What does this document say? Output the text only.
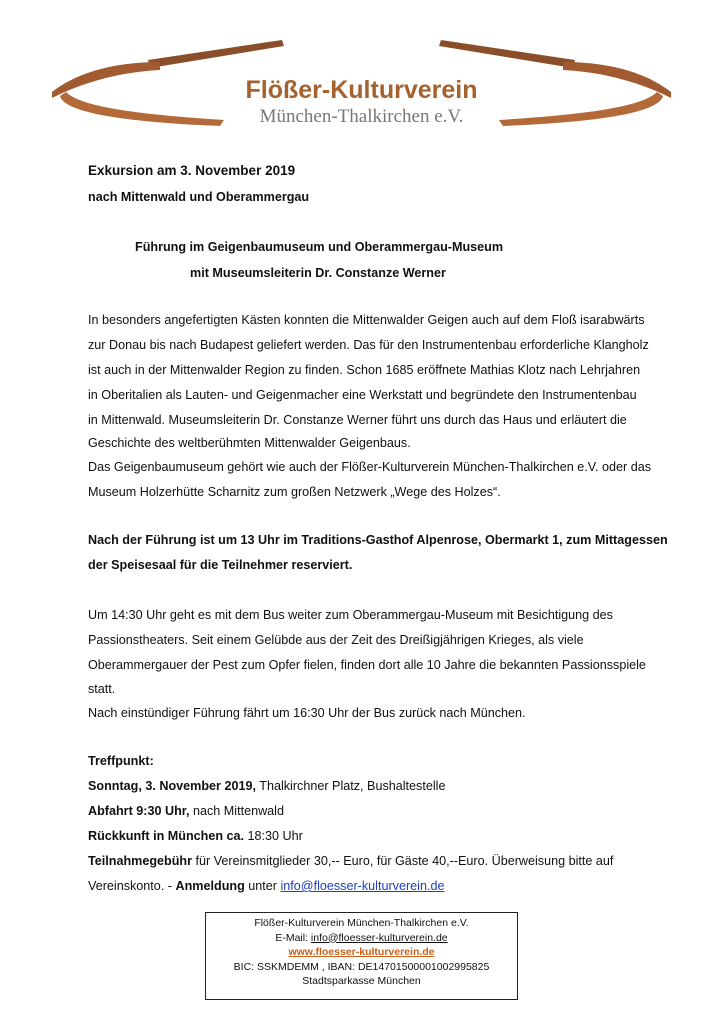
Flößer-Kulturverein
München-Thalkirchen e.V.
Exkursion am 3. November 2019
nach Mittenwald und Oberammergau
Führung im Geigenbaumuseum und Oberammergau-Museum
mit Museumsleiterin Dr. Constanze Werner
In besonders angefertigten Kästen konnten die Mittenwalder Geigen auch auf dem Floß isarabwärts
zur Donau bis nach Budapest geliefert werden. Das für den Instrumentenbau erforderliche Klangholz
ist auch in der Mittenwalder Region zu finden. Schon 1685 eröffnete Mathias Klotz nach Lehrjahren
in Oberitalien als Lauten- und Geigenmacher eine Werkstatt und begründete den Instrumentenbau
in Mittenwald. Museumsleiterin Dr. Constanze Werner führt uns durch das Haus und erläutert die
Geschichte des weltberühmten Mittenwalder Geigenbaus.
Das Geigenbaumuseum gehört wie auch der Flößer-Kulturverein München-Thalkirchen e.V. oder das
Museum Holzerhütte Scharnitz zum großen Netzwerk „Wege des Holzes“.
Nach der Führung ist um 13 Uhr im Traditions-Gasthof Alpenrose, Obermarkt 1, zum Mittagessen
der Speisesaal für die Teilnehmer reserviert.
Um 14:30 Uhr geht es mit dem Bus weiter zum Oberammergau-Museum mit Besichtigung des
Passionstheaters. Seit einem Gelübde aus der Zeit des Dreißigjährigen Krieges, als viele
Oberammergauer der Pest zum Opfer fielen, finden dort alle 10 Jahre die bekannten Passionsspiele
statt.
Nach einstündiger Führung fährt um 16:30 Uhr der Bus zurück nach München.
Treffpunkt:
Sonntag, 3. November 2019, Thalkirchner Platz, Bushaltestelle
Abfahrt 9:30 Uhr, nach Mittenwald
Rückkunft in München ca. 18:30 Uhr
Teilnahmegebühr für Vereinsmitglieder 30,-- Euro, für Gäste 40,--Euro. Überweisung bitte auf
Vereinskonto. - Anmeldung unter info@floesser-kulturverein.de
Flößer-Kulturverein München-Thalkirchen e.V.
E-Mail: info@floesser-kulturverein.de
www.floesser-kulturverein.de
BIC: SSKMDEMM , IBAN: DE14701500001002995825
Stadtsparkasse München
